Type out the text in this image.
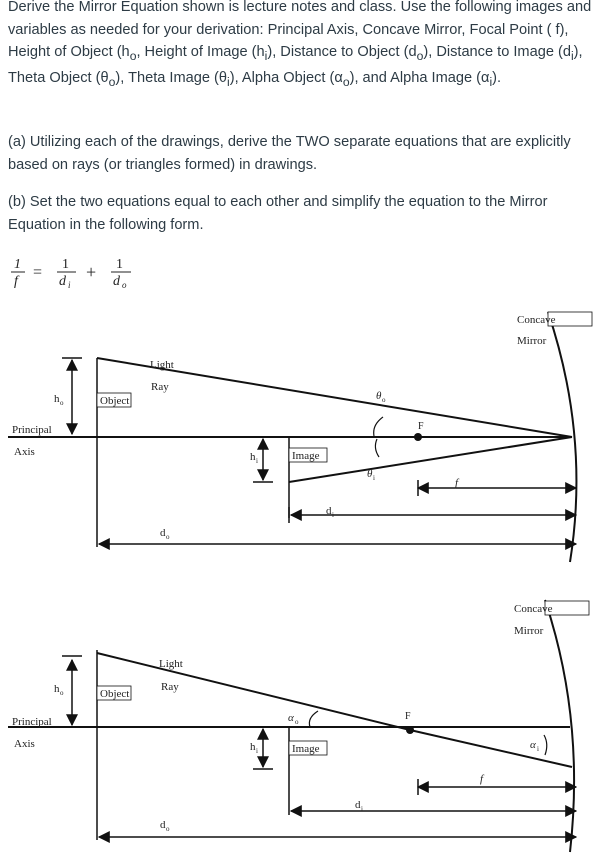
Derive the Mirror Equation shown is lecture notes and class. Use the following images and variables as needed for your derivation: Principal Axis, Concave Mirror, Focal Point ( f), Height of Object ($h_o$, Height of Image $(h_i)$, Distance to Object $(d_o)$, Distance to Image $(d_i)$, Theta Object $(\theta_o)$, Theta Image $(\theta_i)$, Alpha Object $(\alpha_o)$, and Alpha Image $(\alpha_i)$.

(a) Utilizing each of the drawings, derive the TWO separate equations that are explicitly based on rays (or triangles formed) in drawings.

(b) Set the two equations equal to each other and simplify the equation to the Mirror Equation in the following form.

1
f
= 1
d i
+ 1
d o
Object
Image
Concave
Mirror
Light
Ray
h o
Principal
Axis
θ o
F
h i
θ i	f
d i
d o
Object
Image
Concave
Mirror
Light
Ray
h o
Principal
Axis
α o	F
h i	α i
f
d i
d o
